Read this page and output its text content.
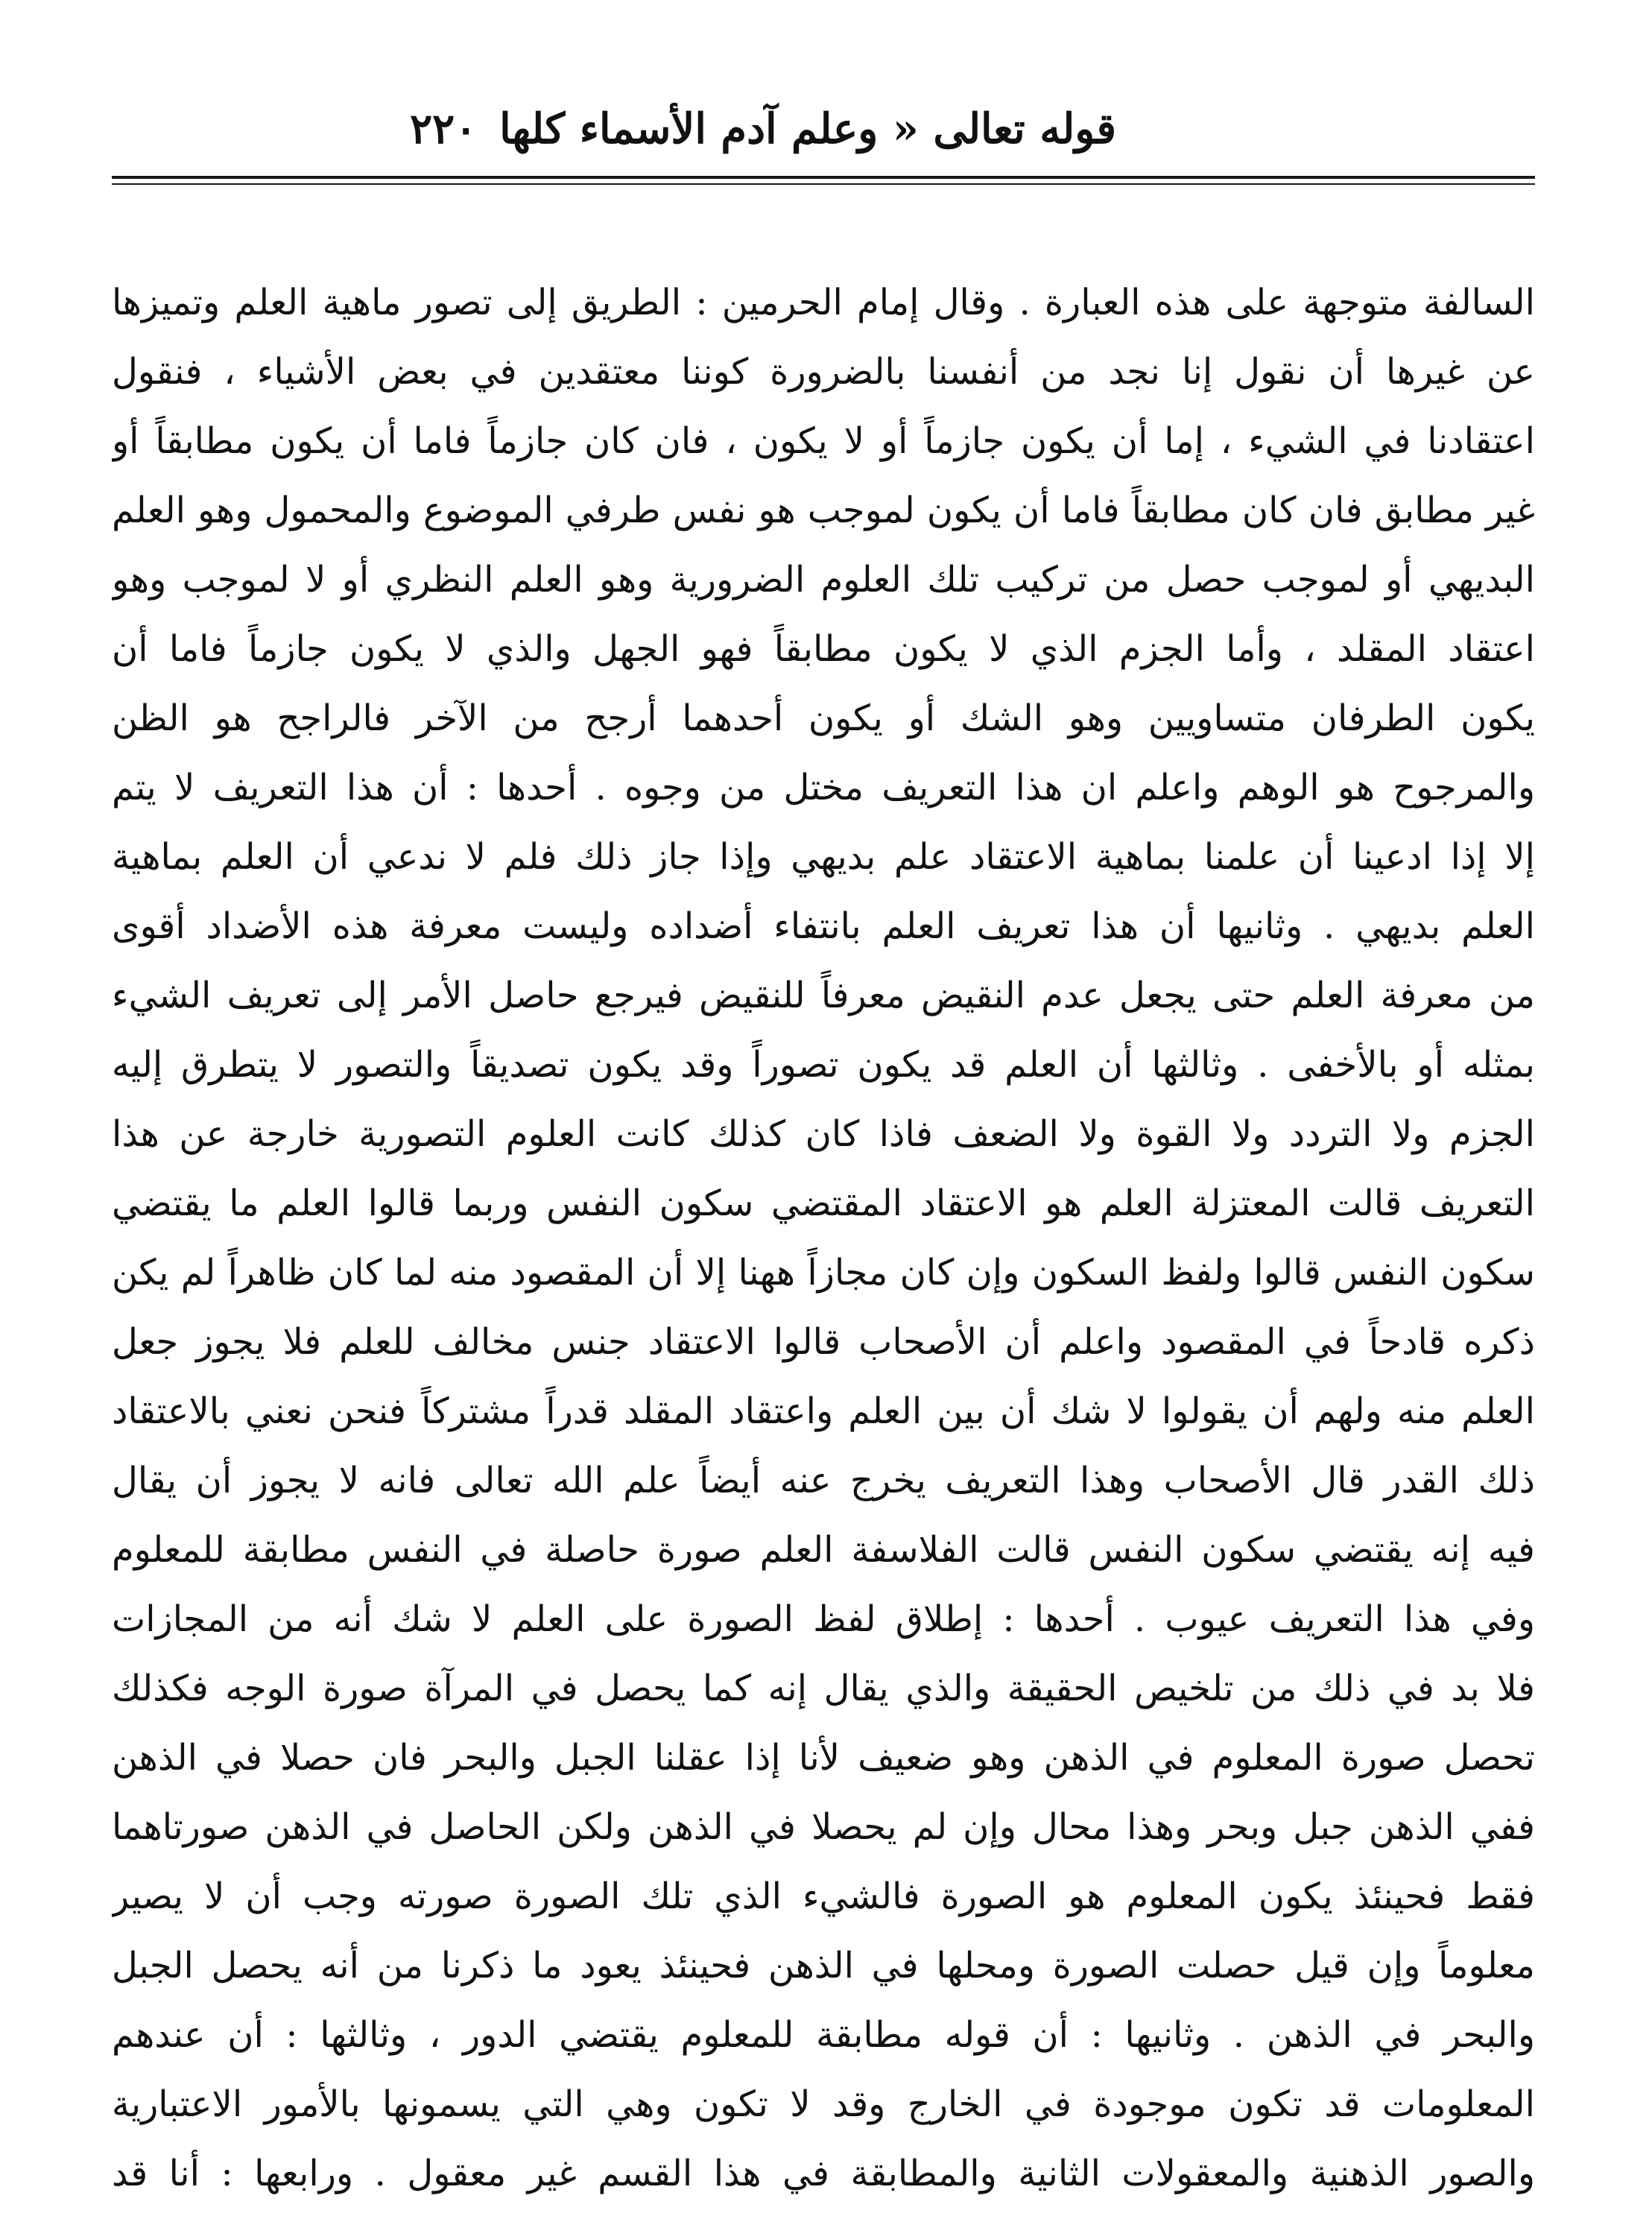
قوله تعالى « وعلم آدم الأسماء كلها
٢٢٠
السالفة متوجهة على هذه العبارة . وقال إمام الحرمين : الطريق إلى تصور ماهية العلم وتميزها
عن غيرها أن نقول إنا نجد من أنفسنا بالضرورة كوننا معتقدين في بعض الأشياء ، فنقول
اعتقادنا في الشيء ، إما أن يكون جازماً أو لا يكون ، فان كان جازماً فاما أن يكون مطابقاً أو
غير مطابق فان كان مطابقاً فاما أن يكون لموجب هو نفس طرفي الموضوع والمحمول وهو العلم
البديهي أو لموجب حصل من تركيب تلك العلوم الضرورية وهو العلم النظري أو لا لموجب وهو
اعتقاد المقلد ، وأما الجزم الذي لا يكون مطابقاً فهو الجهل والذي لا يكون جازماً فاما أن
يكون الطرفان متساويين وهو الشك أو يكون أحدهما أرجح من الآخر فالراجح هو الظن
والمرجوح هو الوهم واعلم ان هذا التعريف مختل من وجوه . أحدها : أن هذا التعريف لا يتم
إلا إذا ادعينا أن علمنا بماهية الاعتقاد علم بديهي وإذا جاز ذلك فلم لا ندعي أن العلم بماهية
العلم بديهي . وثانيها أن هذا تعريف العلم بانتفاء أضداده وليست معرفة هذه الأضداد أقوى
من معرفة العلم حتى يجعل عدم النقيض معرفاً للنقيض فيرجع حاصل الأمر إلى تعريف الشيء
بمثله أو بالأخفى . وثالثها أن العلم قد يكون تصوراً وقد يكون تصديقاً والتصور لا يتطرق إليه
الجزم ولا التردد ولا القوة ولا الضعف فاذا كان كذلك كانت العلوم التصورية خارجة عن هذا
التعريف قالت المعتزلة العلم هو الاعتقاد المقتضي سكون النفس وربما قالوا العلم ما يقتضي
سكون النفس قالوا ولفظ السكون وإن كان مجازاً ههنا إلا أن المقصود منه لما كان ظاهراً لم يكن
ذكره قادحاً في المقصود واعلم أن الأصحاب قالوا الاعتقاد جنس مخالف للعلم فلا يجوز جعل
العلم منه ولهم أن يقولوا لا شك أن بين العلم واعتقاد المقلد قدراً مشتركاً فنحن نعني بالاعتقاد
ذلك القدر قال الأصحاب وهذا التعريف يخرج عنه أيضاً علم الله تعالى فانه لا يجوز أن يقال
فيه إنه يقتضي سكون النفس قالت الفلاسفة العلم صورة حاصلة في النفس مطابقة للمعلوم
وفي هذا التعريف عيوب . أحدها : إطلاق لفظ الصورة على العلم لا شك أنه من المجازات
فلا بد في ذلك من تلخيص الحقيقة والذي يقال إنه كما يحصل في المرآة صورة الوجه فكذلك
تحصل صورة المعلوم في الذهن وهو ضعيف لأنا إذا عقلنا الجبل والبحر فان حصلا في الذهن
ففي الذهن جبل وبحر وهذا محال وإن لم يحصلا في الذهن ولكن الحاصل في الذهن صورتاهما
فقط فحينئذ يكون المعلوم هو الصورة فالشيء الذي تلك الصورة صورته وجب أن لا يصير
معلوماً وإن قيل حصلت الصورة ومحلها في الذهن فحينئذ يعود ما ذكرنا من أنه يحصل الجبل
والبحر في الذهن . وثانيها : أن قوله مطابقة للمعلوم يقتضي الدور ، وثالثها : أن عندهم
المعلومات قد تكون موجودة في الخارج وقد لا تكون وهي التي يسمونها بالأمور الاعتبارية
والصور الذهنية والمعقولات الثانية والمطابقة في هذا القسم غير معقول . ورابعها : أنا قد
